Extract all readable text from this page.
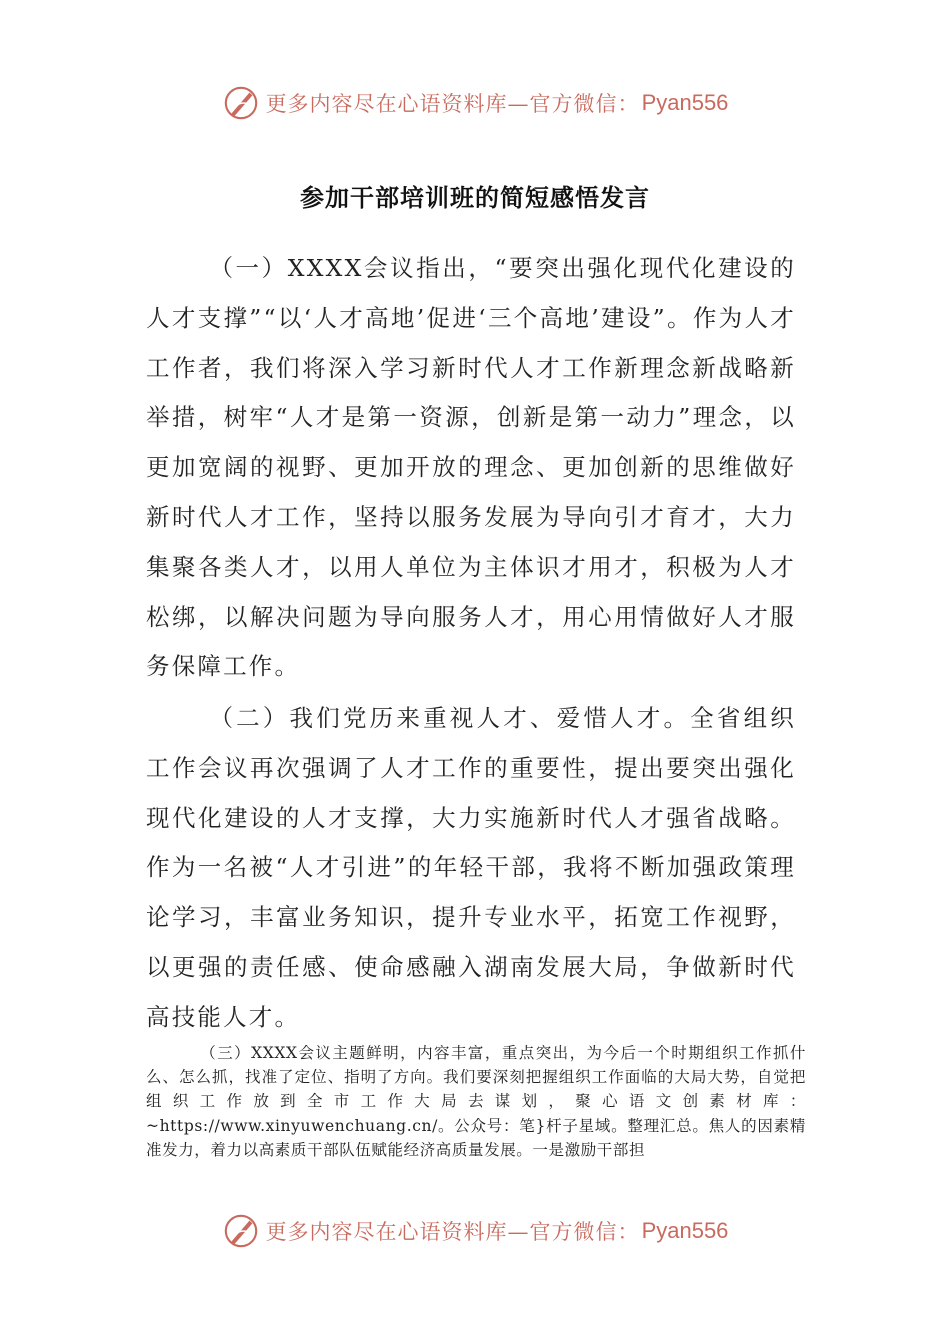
更多内容尽在心语资料库—官方微信： Pyan556
参加干部培训班的简短感悟发言

（一）XXXX会议指出，“要突出强化现代化建设的人才支撑”“以‘人才高地’促进‘三个高地’建设”。作为人才工作者，我们将深入学习新时代人才工作新理念新战略新举措，树牢“人才是第一资源，创新是第一动力”理念，以更加宽阔的视野、更加开放的理念、更加创新的思维做好新时代人才工作，坚持以服务发展为导向引才育才，大力集聚各类人才，以用人单位为主体识才用才，积极为人才松绑，以解决问题为导向服务人才，用心用情做好人才服务保障工作。

（二）我们党历来重视人才、爱惜人才。全省组织工作会议再次强调了人才工作的重要性，提出要突出强化现代化建设的人才支撑，大力实施新时代人才强省战略。作为一名被“人才引进”的年轻干部，我将不断加强政策理论学习，丰富业务知识，提升专业水平，拓宽工作视野，以更强的责任感、使命感融入湖南发展大局，争做新时代高技能人才。

（三）XXXX会议主题鲜明，内容丰富，重点突出，为今后一个时期组织工作抓什么、怎么抓，找准了定位、指明了方向。我们要深刻把握组织工作面临的大局大势，自觉把组织工作放到全市工作大局去谋划，聚心语文创素材库：~https://www.xinyuwenchuang.cn/。公众号：笔}杆子星域。整理汇总。焦人的因素精准发力，着力以高素质干部队伍赋能经济高质量发展。一是激励干部担

更多内容尽在心语资料库—官方微信： Pyan556
